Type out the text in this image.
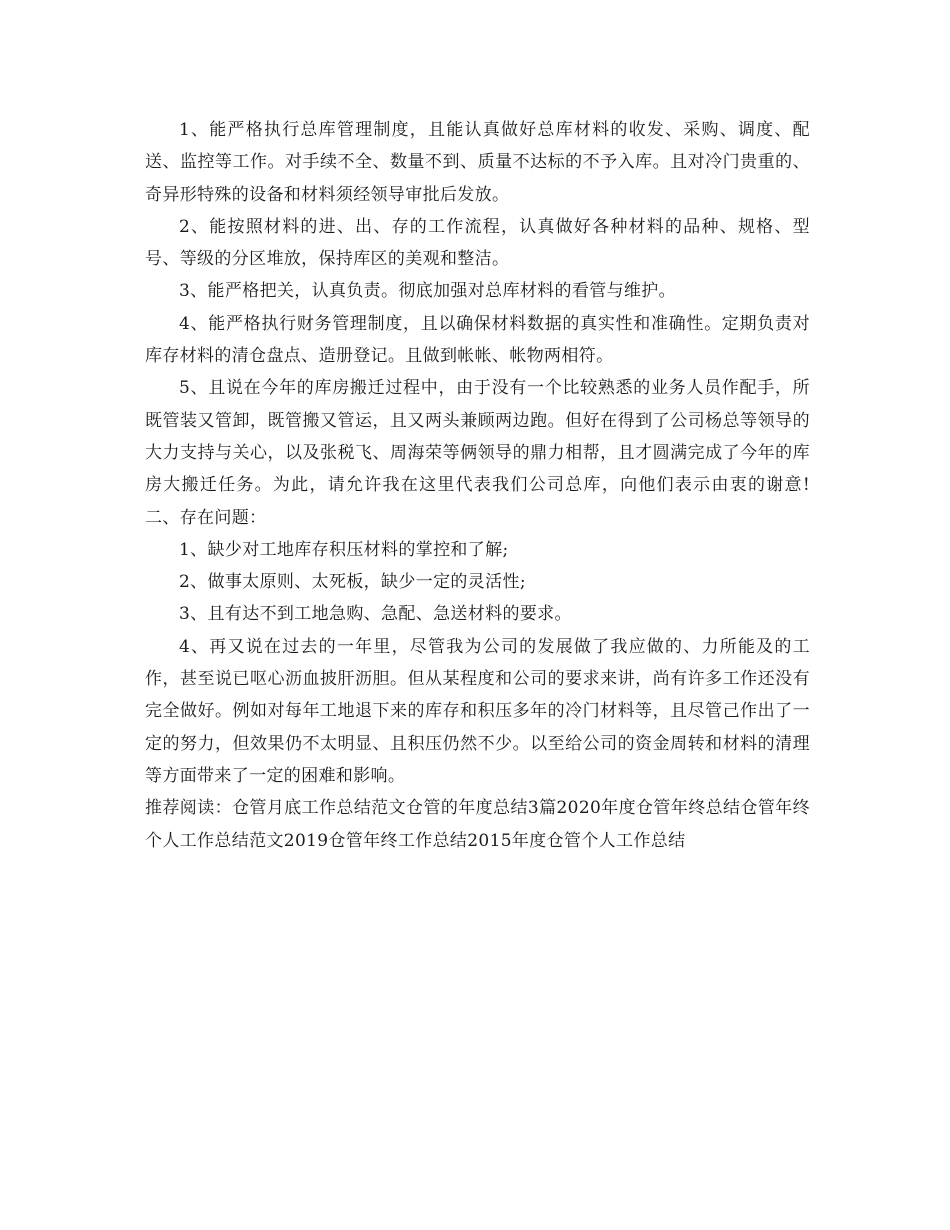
1、能严格执行总库管理制度，且能认真做好总库材料的收发、采购、调度、配送、监控等工作。对手续不全、数量不到、质量不达标的不予入库。且对冷门贵重的、奇异形特殊的设备和材料须经领导审批后发放。

2、能按照材料的进、出、存的工作流程，认真做好各种材料的品种、规格、型号、等级的分区堆放，保持库区的美观和整洁。

3、能严格把关，认真负责。彻底加强对总库材料的看管与维护。

4、能严格执行财务管理制度，且以确保材料数据的真实性和准确性。定期负责对库存材料的清仓盘点、造册登记。且做到帐帐、帐物两相符。

5、且说在今年的库房搬迁过程中，由于没有一个比较熟悉的业务人员作配手，所既管装又管卸，既管搬又管运，且又两头兼顾两边跑。但好在得到了公司杨总等领导的大力支持与关心，以及张税飞、周海荣等俩领导的鼎力相帮，且才圆满完成了今年的库房大搬迁任务。为此，请允许我在这里代表我们公司总库，向他们表示由衷的谢意!二、存在问题：

1、缺少对工地库存积压材料的掌控和了解;

2、做事太原则、太死板，缺少一定的灵活性;

3、且有达不到工地急购、急配、急送材料的要求。

4、再又说在过去的一年里，尽管我为公司的发展做了我应做的、力所能及的工作，甚至说已呕心沥血披肝沥胆。但从某程度和公司的要求来讲，尚有许多工作还没有完全做好。例如对每年工地退下来的库存和积压多年的冷门材料等，且尽管己作出了一定的努力，但效果仍不太明显、且积压仍然不少。以至给公司的资金周转和材料的清理等方面带来了一定的困难和影响。

推荐阅读：仓管月底工作总结范文仓管的年度总结3篇2020年度仓管年终总结仓管年终个人工作总结范文2019仓管年终工作总结2015年度仓管个人工作总结
